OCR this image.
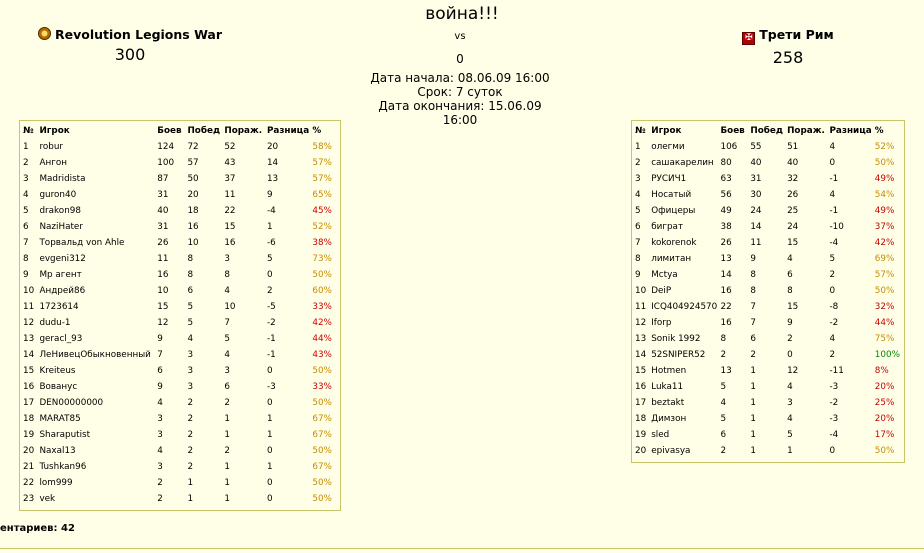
война!!!
Revolution Legions War
300
vs
0
Дата начала: 08.06.09 16:00
Срок: 7 суток
Дата окончания: 15.06.09 16:00
✠ Трети Рим
258
№	Игрок	Боев	Побед	Пораж.	Разница	%
1	robur	124	72	52	20	58%
2	Ангон	100	57	43	14	57%
3	Madridista	87	50	37	13	57%
4	guron40	31	20	11	9	65%
5	drakon98	40	18	22	-4	45%
6	NaziHater	31	16	15	1	52%
7	Торвальд von Ahle	26	10	16	-6	38%
8	evgeni312	11	8	3	5	73%
9	Мр агент	16	8	8	0	50%
10	Андрей86	10	6	4	2	60%
11	1723614	15	5	10	-5	33%
12	dudu-1	12	5	7	-2	42%
13	geracl_93	9	4	5	-1	44%
14	ЛеНивецОбыкновенный	7	3	4	-1	43%
15	Kreiteus	6	3	3	0	50%
16	Вованус	9	3	6	-3	33%
17	DEN00000000	4	2	2	0	50%
18	MARAT85	3	2	1	1	67%
19	Sharaputist	3	2	1	1	67%
20	Naxal13	4	2	2	0	50%
21	Tushkan96	3	2	1	1	67%
22	lom999	2	1	1	0	50%
23	vek	2	1	1	0	50%
№	Игрок	Боев	Побед	Пораж.	Разница	%
1	олегми	106	55	51	4	52%
2	сашакарелин	80	40	40	0	50%
3	РУСИЧ1	63	31	32	-1	49%
4	Носатый	56	30	26	4	54%
5	Офицеры	49	24	25	-1	49%
6	биграт	38	14	24	-10	37%
7	kokorenok	26	11	15	-4	42%
8	лимитан	13	9	4	5	69%
9	Mctya	14	8	6	2	57%
10	DeiP	16	8	8	0	50%
11	ICQ404924570	22	7	15	-8	32%
12	Iforp	16	7	9	-2	44%
13	Sonik 1992	8	6	2	4	75%
14	52SNIPER52	2	2	0	2	100%
15	Hotmen	13	1	12	-11	8%
16	Luka11	5	1	4	-3	20%
17	beztakt	4	1	3	-2	25%
18	Димзон	5	1	4	-3	20%
19	sled	6	1	5	-4	17%
20	epivasya	2	1	1	0	50%
ентариев: 42
